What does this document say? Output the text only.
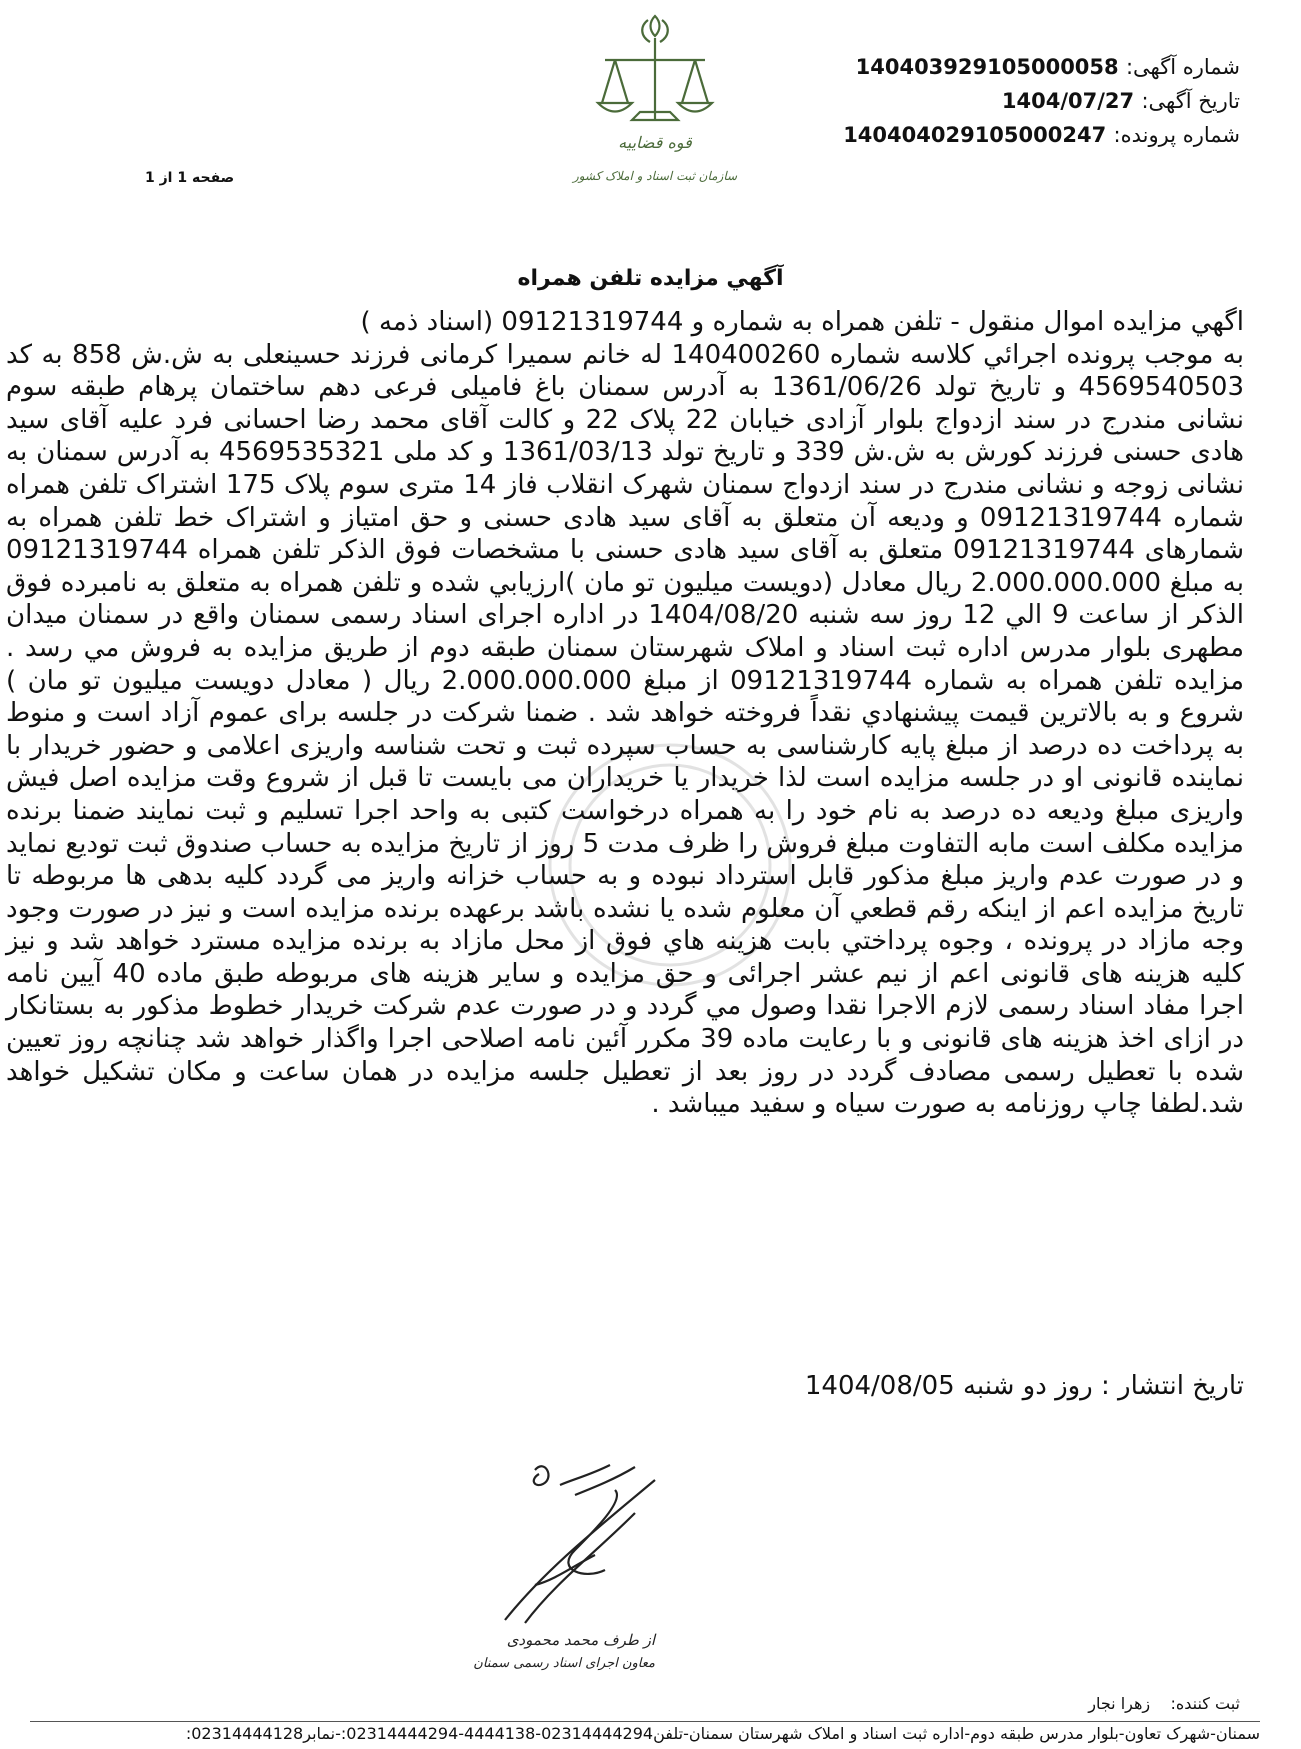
قوه قضاییه
سازمان ثبت اسناد و املاک کشور
شماره آگهی: 14040392910500005​8
تاریخ آگهی: 1404/07/27
شماره پرونده: 14040402910500024​7
صفحه 1 از 1
آگهي مزايده تلفن همراه

اگهي مزايده اموال منقول - تلفن همراه به شماره و 09121319744 (اسناد ذمه )

به موجب پرونده اجرائي كلاسه شماره 140400260 له خانم سميرا كرمانی فرزند حسينعلی به ش.ش 858 به كد 4569540503 و تاريخ تولد 1361/06/26 به آدرس سمنان باغ فاميلی فرعی دهم ساختمان پرهام طبقه سوم نشانی مندرج در سند ازدواج بلوار آزادی خيابان 22 پلاک 22 و كالت آقای محمد رضا احسانی فرد عليه آقای سيد هادی حسنی فرزند كورش به ش.ش 339 و تاريخ تولد 1361/03/13 و كد ملی 4569535321 به آدرس سمنان به نشانی زوجه و نشانی مندرج در سند ازدواج سمنان شهرک انقلاب فاز 14 متری سوم پلاک 175 اشتراک تلفن همراه شماره 09121319744 و وديعه آن متعلق به آقای سيد هادی حسنی و حق امتياز و اشتراک خط تلفن همراه به شمارهای 09121319744 متعلق به آقای سيد هادی حسنی با مشخصات فوق الذكر تلفن همراه 09121319744 به مبلغ 2.000.000.000 ريال معادل (دويست ميليون تو مان )ارزيابي شده و تلفن همراه به متعلق به نامبرده فوق الذكر از ساعت 9 الي 12 روز سه شنبه 1404/08/20 در اداره اجرای اسناد رسمی سمنان واقع در سمنان ميدان مطهری بلوار مدرس اداره ثبت اسناد و املاک شهرستان سمنان طبقه دوم از طريق مزايده به فروش مي رسد . مزايده تلفن همراه به شماره 09121319744 از مبلغ 2.000.000.000 ريال ( معادل دويست ميليون تو مان ) شروع و به بالاترين قيمت پيشنهادي نقداً فروخته خواهد شد . ضمنا شركت در جلسه برای عموم آزاد است و منوط به پرداخت ده درصد از مبلغ پايه كارشناسی به حساب سپرده ثبت و تحت شناسه واريزی اعلامی و حضور خريدار با نماينده قانونی او در جلسه مزايده است لذا خريدار يا خريداران می بايست تا قبل از شروع وقت مزايده اصل فيش واريزی مبلغ وديعه ده درصد به نام خود را به همراه درخواست كتبی به واحد اجرا تسليم و ثبت نمايند ضمنا برنده مزايده مكلف است مابه التفاوت مبلغ فروش را ظرف مدت 5 روز از تاريخ مزايده به حساب صندوق ثبت توديع نمايد و در صورت عدم واريز مبلغ مذكور قابل استرداد نبوده و به حساب خزانه واريز می گردد كليه بدهی ها مربوطه تا تاريخ مزايده اعم از اينكه رقم قطعي آن معلوم شده يا نشده باشد برعهده برنده مزايده است و نيز در صورت وجود وجه مازاد در پرونده ، وجوه پرداختي بابت هزينه هاي فوق از محل مازاد به برنده مزايده مسترد خواهد شد و نيز كليه هزينه های قانونی اعم از نيم عشر اجرائی و حق مزايده و ساير هزينه های مربوطه طبق ماده 40 آيين نامه اجرا مفاد اسناد رسمی لازم الاجرا نقدا وصول مي گردد و در صورت عدم شركت خريدار خطوط مذكور به بستانكار در ازای اخذ هزينه های قانونی و با رعايت ماده 39 مكرر آئين نامه اصلاحی اجرا واگذار خواهد شد چنانچه روز تعيين شده با تعطيل رسمی مصادف گردد در روز بعد از تعطيل جلسه مزايده در همان ساعت و مكان تشكيل خواهد شد.لطفا چاپ روزنامه به صورت سياه و سفيد ميباشد .

تاريخ انتشار : روز دو شنبه 1404/08/05
از طرف محمد محمودی
معاون اجرای اسناد رسمی سمنان
ثبت كننده:    زهرا نجار
سمنان-شهرک تعاون-بلوار مدرس طبقه دوم-اداره ثبت اسناد و املاک شهرستان سمنان-تلفن02314444294-4444138-02314444294:-نمابر02314444128:
